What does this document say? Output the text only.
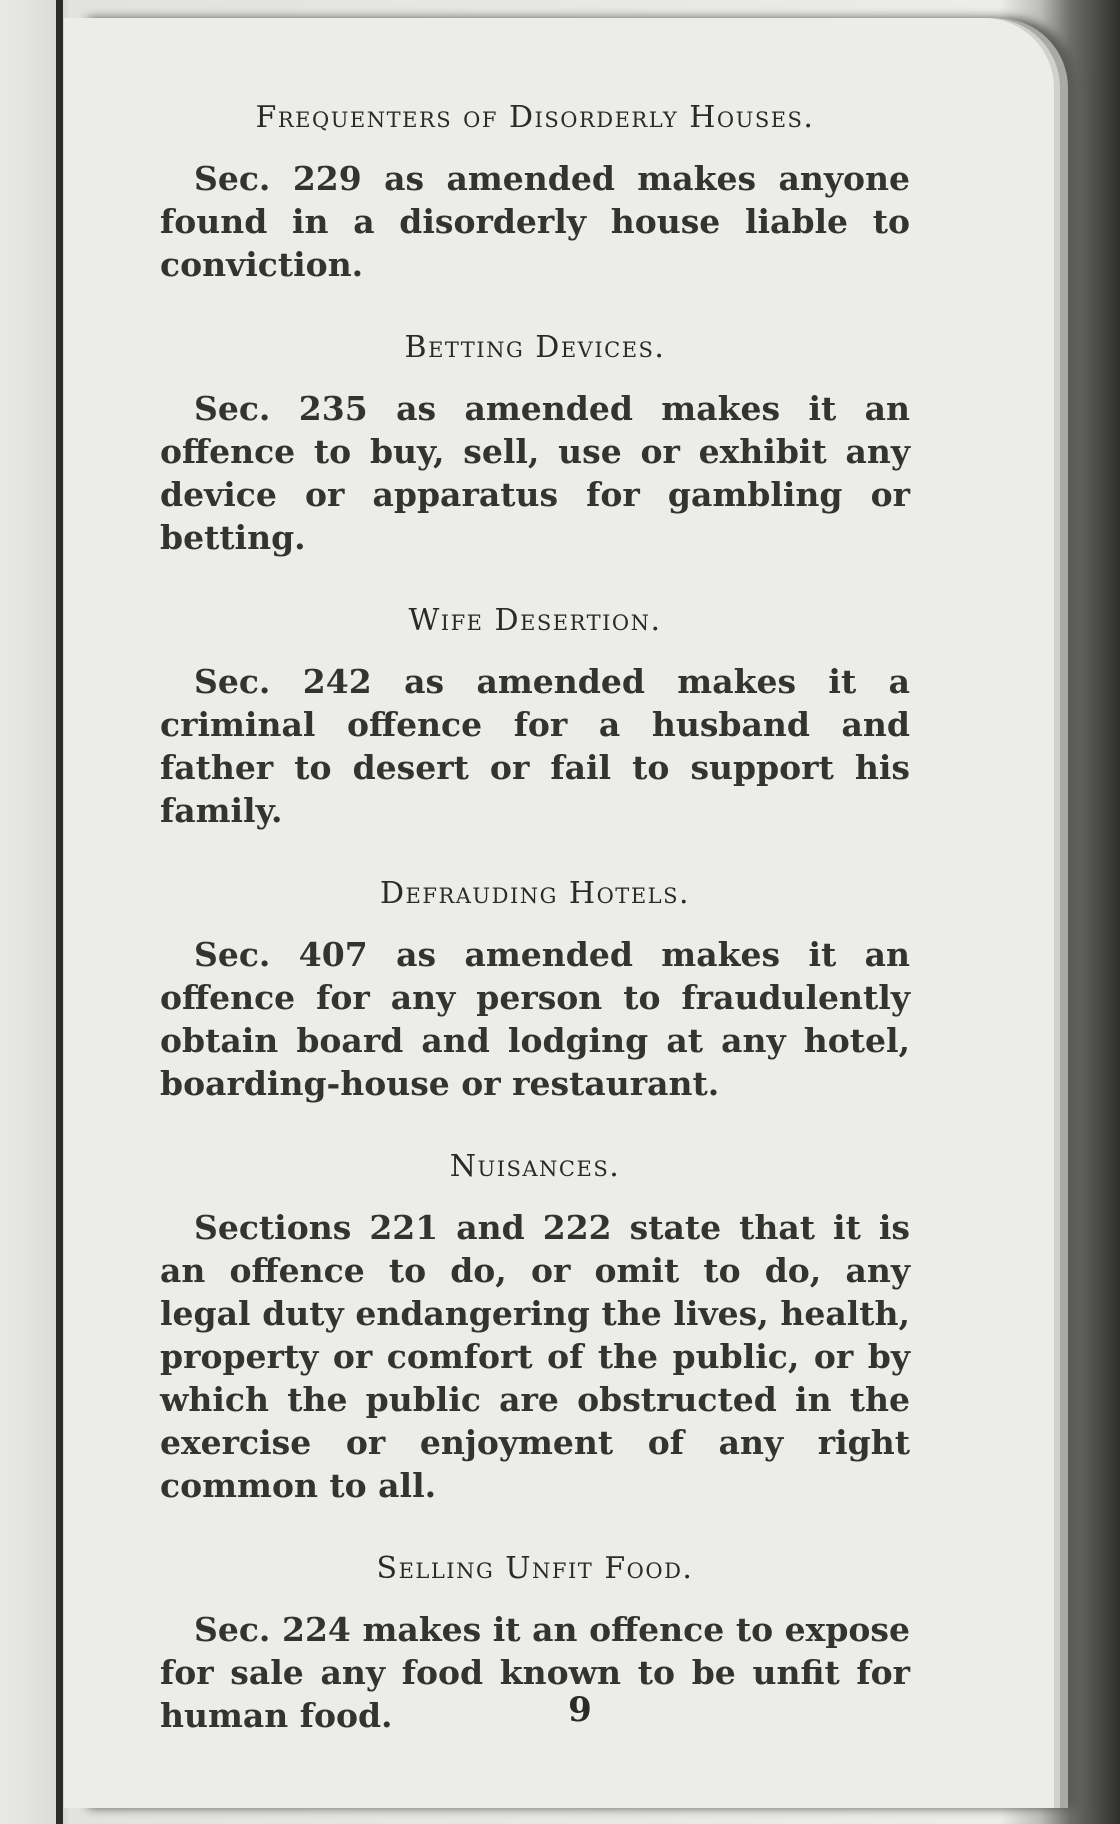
Frequenters of Disorderly Houses.

Sec. 229 as amended makes anyone found in a disorderly house liable to conviction.

Betting Devices.

Sec. 235 as amended makes it an offence to buy, sell, use or exhibit any device or apparatus for gambling or betting.

Wife Desertion.

Sec. 242 as amended makes it a criminal offence for a husband and father to desert or fail to support his family.

Defrauding Hotels.

Sec. 407 as amended makes it an offence for any person to fraudulently obtain board and lodging at any hotel, boarding-house or restaurant.

Nuisances.

Sections 221 and 222 state that it is an offence to do, or omit to do, any legal duty endangering the lives, health, property or comfort of the public, or by which the public are obstructed in the exercise or enjoyment of any right common to all.

Selling Unfit Food.

Sec. 224 makes it an offence to expose for sale any food known to be unfit for human food.	9
